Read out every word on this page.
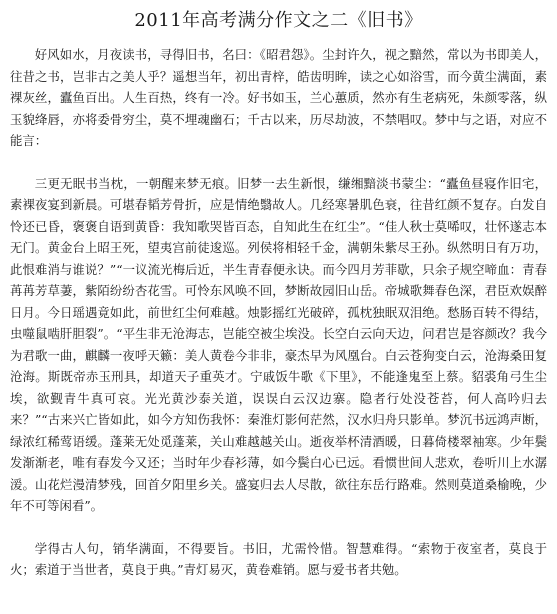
2011年高考满分作文之二《旧书》

好风如水，月夜读书，寻得旧书，名曰：《昭君怨》。尘封许久，视之黯然，常以为书即美人，往昔之书，岂非古之美人乎？遥想当年，初出青梓，皓齿明眸，读之心如浴雪，而今黄尘满面，素裸灰丝，蠹鱼百出。人生百热，终有一冷。好书如玉，兰心蕙质，然亦有生老病死，朱颜零落，纵玉貌绛唇，亦将委骨穷尘，莫不埋魂幽石；千古以来，历尽劫波，不禁唱叹。梦中与之语，对应不能言：

三更无眠书当枕，一朝醒来梦无痕。旧梦一去生新恨，缣缃黯淡书蒙尘：“蠹鱼昼寝作旧宅，素裸夜宴到新晨。可堪春韬芳骨折，应是情绝翳故人。几经寒暑肌色衰，往昔红颜不复存。白发自怜还已昏，褒褒自语到黄昏：我知歌哭皆百态，自知此生在红尘”。“佳人秋士莫唏叹，壮怀遂志本无门。黄金台上昭王死，望夷宫前徒逡巡。列侯将相轻千金，满朝朱紫尽王孙。纵然明日有万功，此恨难消与谁说？”“一议流光梅后近，半生青春便永诀。而今四月芳菲歇，只余子规空啼血：青春苒苒芳草萋，紫陌纷纷杏花雪。可怜东风唤不回，梦断故园旧山岳。帝城歌舞春色深，君臣欢娱醉日月。今日瑶遇竟如此，前世红尘何难越。烛影摇红光破碎，孤枕独眠双泪绝。愁肠百转不得结，虫噬鼠啮肝胆裂”。“平生非无沧海志，岂能空被尘埃没。长空白云向天边，问君岂是容颜改？我今为君歌一曲，麒麟一夜呼天籁：美人黄卷今非非，豪杰早为风凰台。白云苍狗变白云，沧海桑田复沧海。斯既帝赤玉刑具，却道天子重英才。宁戚饭牛歌《下里》，不能逢鬼至上蔡。貂裘角弓生尘埃，欲觐青牛真可哀。光光黄沙泰关道，误误白云汉边寨。隐者行处没苍苔，何人高吟归去来？”“古来兴亡皆如此，如今方知伤我怀：秦淮灯影何茫然，汉水归舟只影单。梦沉书远鸿声断，绿浓红稀莺语缓。蓬莱无处觅蓬莱，关山难越越关山。逝夜举杯清酒暖，日暮倚楼翠袖寒。少年鬓发渐渐老，唯有春发今又还；当时年少春衫薄，如今鬓白心已远。看惯世间人悲欢，卷听川上水潺湲。山花烂漫清梦残，回首夕阳里乡关。盛宴归去人尽散，欲往东岳行路难。然则莫道桑榆晚，少年不可等闲看”。

学得古人句，销华满面，不得要旨。书旧，尤需怜惜。智慧难得。“索物于夜室者，莫良于火；索道于当世者，莫良于典。”青灯易灭，黄卷难销。愿与爱书者共勉。
